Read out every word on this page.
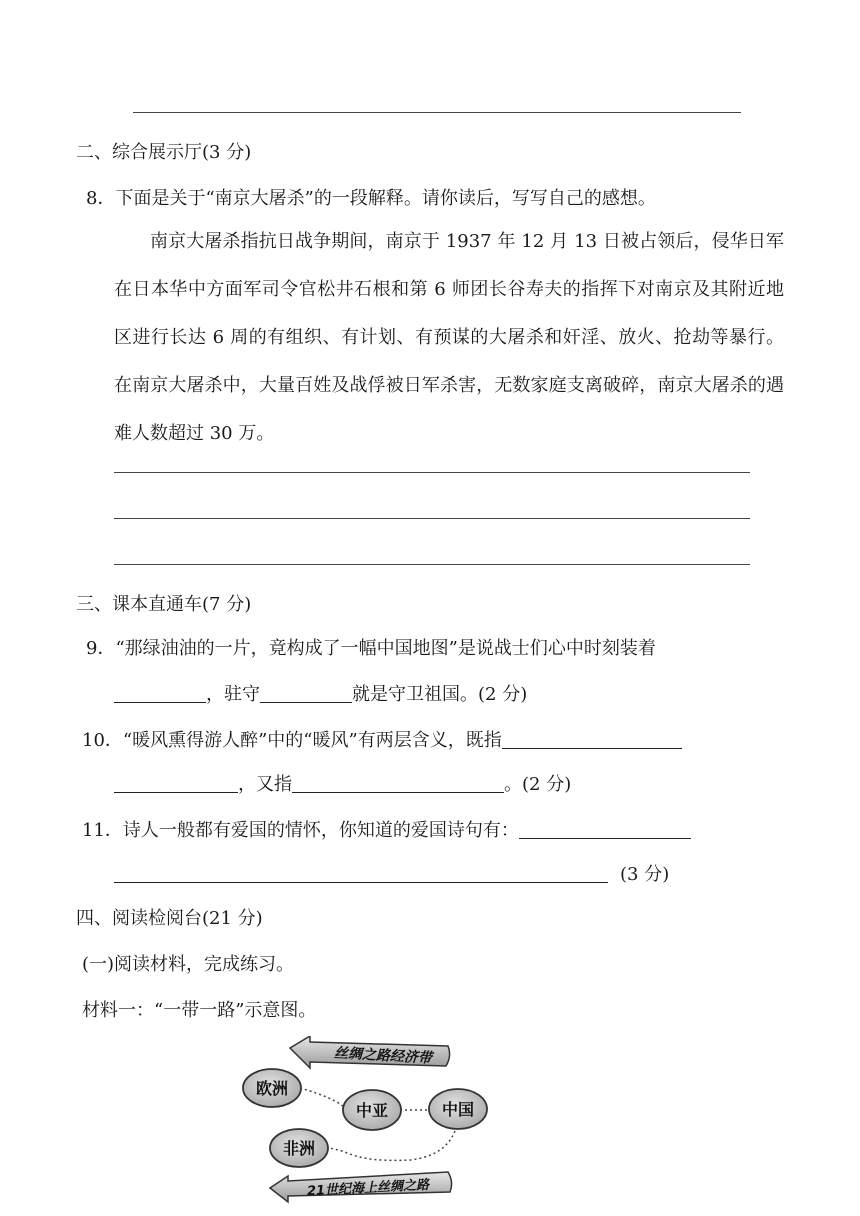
二、综合展示厅(3 分)
8．下面是关于“南京大屠杀”的一段解释。请你读后，写写自己的感想。
南京大屠杀指抗日战争期间，南京于 1937 年 12 月 13 日被占领后，侵华日军在日本华中方面军司令官松井石根和第 6 师团长谷寿夫的指挥下对南京及其附近地区进行长达 6 周的有组织、有计划、有预谋的大屠杀和奸淫、放火、抢劫等暴行。在南京大屠杀中，大量百姓及战俘被日军杀害，无数家庭支离破碎，南京大屠杀的遇难人数超过 30 万。
三、课本直通车(7 分)
9．“那绿油油的一片，竟构成了一幅中国地图”是说战士们心中时刻装着
，驻守	就是守卫祖国。(2 分)
10．“暖风熏得游人醉”中的“暖风”有两层含义，既指
，又指	。(2 分)
11．诗人一般都有爱国的情怀，你知道的爱国诗句有：
(3 分)
四、阅读检阅台(21 分)
(一)阅读材料，完成练习。
材料一：“一带一路”示意图。
丝绸之路经济带
欧洲
中亚	中国
非洲
21世纪海上丝绸之路
